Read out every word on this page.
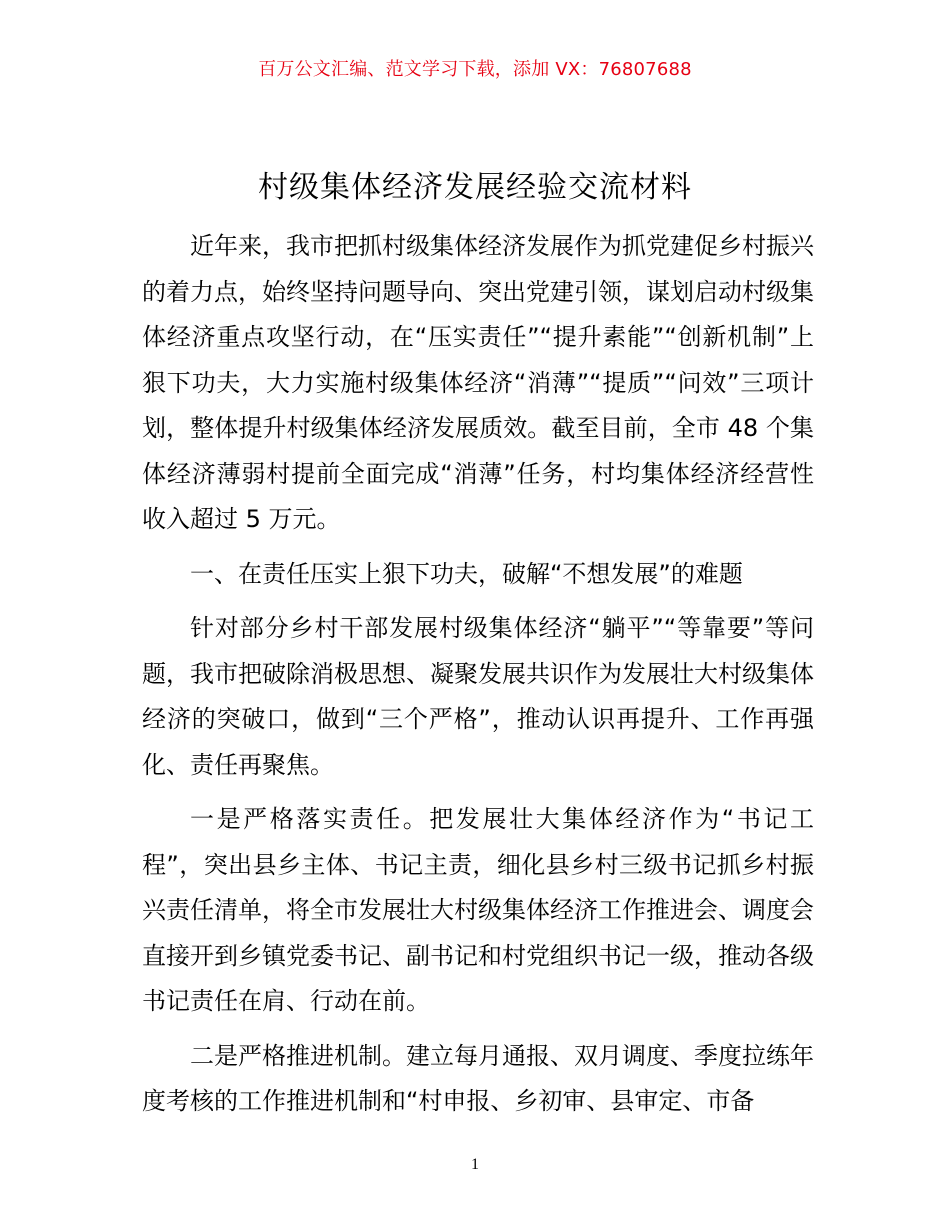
百万公文汇编、范文学习下载，添加 VX：76807688
村级集体经济发展经验交流材料

近年来，我市把抓村级集体经济发展作为抓党建促乡村振兴的着力点，始终坚持问题导向、突出党建引领，谋划启动村级集体经济重点攻坚行动，在“压实责任”“提升素能”“创新机制”上狠下功夫，大力实施村级集体经济“消薄”“提质”“问效”三项计划，整体提升村级集体经济发展质效。截至目前，全市 48 个集体经济薄弱村提前全面完成“消薄”任务，村均集体经济经营性收入超过 5 万元。

一、在责任压实上狠下功夫，破解“不想发展”的难题

针对部分乡村干部发展村级集体经济“躺平”“等靠要”等问题，我市把破除消极思想、凝聚发展共识作为发展壮大村级集体经济的突破口，做到“三个严格”，推动认识再提升、工作再强化、责任再聚焦。

一是严格落实责任。把发展壮大集体经济作为“书记工程”，突出县乡主体、书记主责，细化县乡村三级书记抓乡村振兴责任清单，将全市发展壮大村级集体经济工作推进会、调度会直接开到乡镇党委书记、副书记和村党组织书记一级，推动各级书记责任在肩、行动在前。

二是严格推进机制。建立每月通报、双月调度、季度拉练年度考核的工作推进机制和“村申报、乡初审、县审定、市备

1
